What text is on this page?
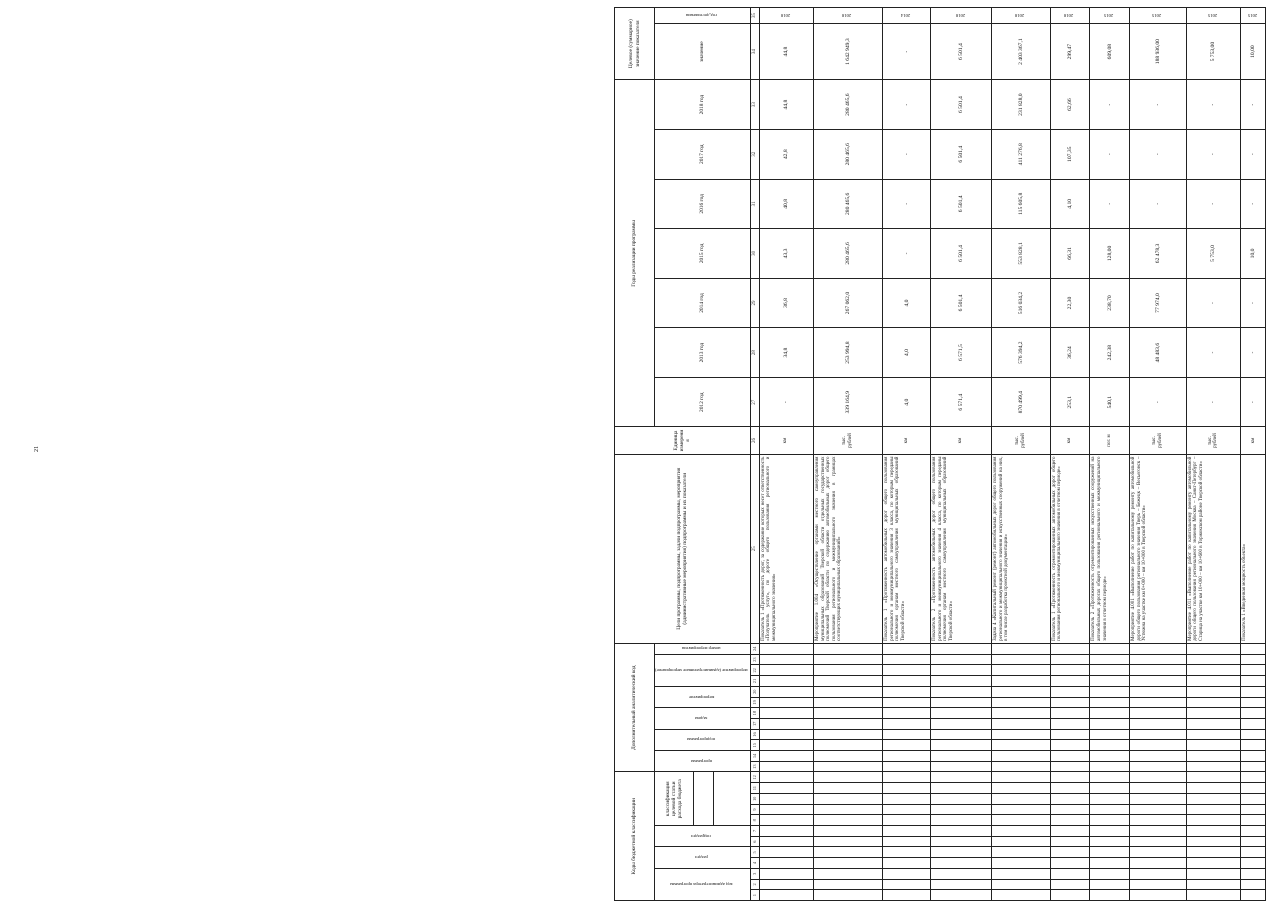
21
Коды бюджетной классификации												Дополнительный аналитический код												Цели программы, подпрограммы, задачи подпрограммы, мероприятия (административные мероприятия) подпрограммы и их показатели	Единица измерения	Годы реализации программы							Целевое (суммарное) значение показателя	
код администратора программы			раздел		подраздел		классификация целевой статьи расхода бюджета					программа		подпрограмма		задача		мероприятие		мероприятие (административное мероприятие)			номер мероприятия			2012 год	2013 год	2014 год	2015 год	2016 год	2017 год	2018 год	значение	год достижения

1	2	3	4	5	6	7	8	9	10	11	12	13	14	15	16	17	18	19	20	21	22	23	24	25	26	27	28	29	30	31	32	33	34	35
																								Показатель 1 «Протяженность дорог, за содержание которых несет ответственность «Получатель услуг», по дороге общего пользования регионального и межмуниципального значения»	км	-	34,8	36,8	43,3	40,8	42,8	44,8	44,8	2018
																								Мероприятие 1.004 «Осуществление органами местного самоуправления муниципальных образований Тверской области отдельных государственных полномочий Тверской области по содержанию автомобильных дорог общего пользования регионального и межмуниципального значения в границах соответствующих муниципальных образований»	тыс. рублей	339 164,9	253 994,8	267 062,0	280 465,6	280 465,6	280 465,6	280 465,6	1 642 949,3	2018
																								Показатель 1 «Протяженность автомобильных дорог общего пользования регионального и межмуниципального значения 3 класса, по которым переданы полномочия органам местного самоуправления муниципальных образований Тверской области»	км	4,0	4,0	4,0	-	-	-	-	-	2014
																								Показатель 2 «Протяженность автомобильных дорог общего пользования регионального и межмуниципального значения 4 класса, по которым переданы полномочия органам местного самоуправления муниципальных образований Тверской области»	км	6 571,4	6 571,5	6 501,4	6 501,4	6 501,4	6 501,4	6 501,4	6 501,4	2018
																								Задача 4 «Капитальный ремонт (ремонт) автомобильных дорог общего пользования регионального и межмуниципального значения и искусственных сооружений на них, в том числе разработка проектной документации»	тыс. рублей	870 499,4	576 394,2	516 034,2	553 828,1	115 605,8	411 276,8	231 828,0	2 403 367,1	2018
																								Показатель 1 «Протяженность отремонтированных автомобильных дорог общего пользования регионального и межмуниципального значения в отчетном периоде»	км	253,1	36,24	22,30	66,31	4,10	107,35	62,66	299,47	2018
																								Показатель 2 «Протяженность отремонтированных искусственных сооружений на автомобильных дорогах общего пользования регионального и межмуниципального значения в отчетном периоде»	пог. м	540,1	242,38	238,70	128,00	-	-	-	609,08	2015
																								Мероприятие 4.001 «Выполнение работ по капитальному ремонту автомобильной дороги общего пользования регионального значения Тверь – Бежецк – Весьегонск – Устюжна на участке км 0+000 – км 10+000 в Тверской области»	тыс. рублей	-	48 483,6	77 974,0	62 478,3	-	-	-	188 936,00	2015
																								Мероприятие 4.011 «Выполнение работ по капитальному ремонту автомобильной дороги общего пользования регионального значения Москва – Санкт-Петербург – Старица на участке км 10+000 – км 10+600 в Торжокском районе Тверской области»	тыс. рублей	-	-	-	5 753,0	-	-	-	5 753,00	2015
																								Показатель 1 «Введенная мощность объекта»	км	-	-	-	10,0	-	-	-	10,00	2015
